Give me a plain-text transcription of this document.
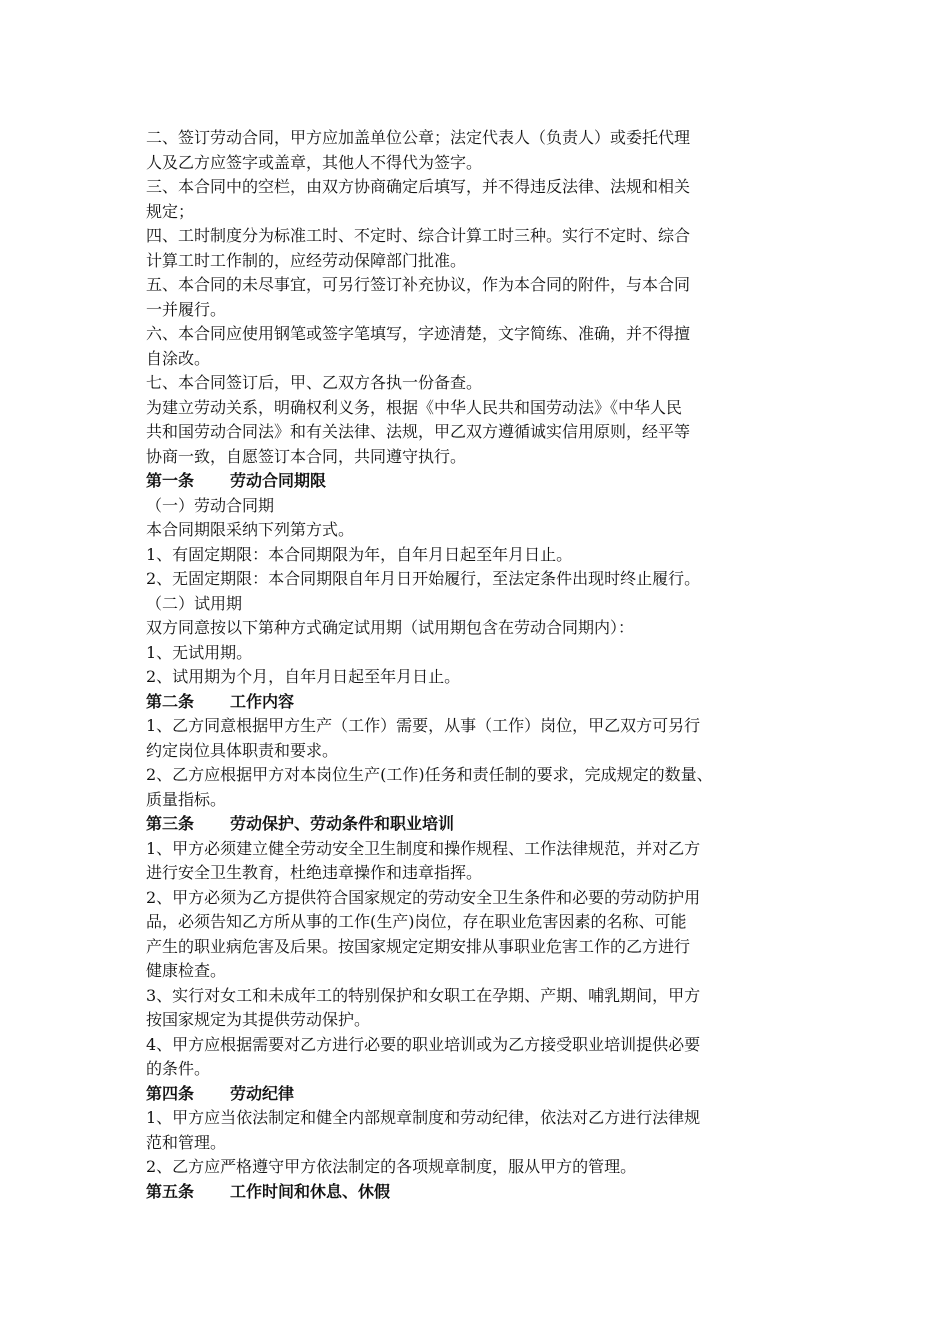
二、签订劳动合同，甲方应加盖单位公章；法定代表人（负责人）或委托代理
人及乙方应签字或盖章，其他人不得代为签字。
三、本合同中的空栏，由双方协商确定后填写，并不得违反法律、法规和相关
规定；
四、工时制度分为标准工时、不定时、综合计算工时三种。实行不定时、综合
计算工时工作制的，应经劳动保障部门批准。
五、本合同的未尽事宜，可另行签订补充协议，作为本合同的附件，与本合同
一并履行。
六、本合同应使用钢笔或签字笔填写，字迹清楚，文字简练、准确，并不得擅
自涂改。
七、本合同签订后，甲、乙双方各执一份备查。
为建立劳动关系，明确权利义务，根据《中华人民共和国劳动法》《中华人民
共和国劳动合同法》和有关法律、法规，甲乙双方遵循诚实信用原则，经平等
协商一致，自愿签订本合同，共同遵守执行。
第一条 劳动合同期限
（一）劳动合同期
本合同期限采纳下列第方式。
1、有固定期限：本合同期限为年，自年月日起至年月日止。
2、无固定期限：本合同期限自年月日开始履行，至法定条件出现时终止履行。
（二）试用期
双方同意按以下第种方式确定试用期（试用期包含在劳动合同期内）：
1、无试用期。
2、试用期为个月，自年月日起至年月日止。
第二条 工作内容
1、乙方同意根据甲方生产（工作）需要，从事（工作）岗位，甲乙双方可另行
约定岗位具体职责和要求。
2、乙方应根据甲方对本岗位生产(工作)任务和责任制的要求，完成规定的数量、
质量指标。
第三条 劳动保护、劳动条件和职业培训
1、甲方必须建立健全劳动安全卫生制度和操作规程、工作法律规范，并对乙方
进行安全卫生教育，杜绝违章操作和违章指挥。
2、甲方必须为乙方提供符合国家规定的劳动安全卫生条件和必要的劳动防护用
品，必须告知乙方所从事的工作(生产)岗位，存在职业危害因素的名称、可能
产生的职业病危害及后果。按国家规定定期安排从事职业危害工作的乙方进行
健康检查。
3、实行对女工和未成年工的特别保护和女职工在孕期、产期、哺乳期间，甲方
按国家规定为其提供劳动保护。
4、甲方应根据需要对乙方进行必要的职业培训或为乙方接受职业培训提供必要
的条件。
第四条 劳动纪律
1、甲方应当依法制定和健全内部规章制度和劳动纪律，依法对乙方进行法律规
范和管理。
2、乙方应严格遵守甲方依法制定的各项规章制度，服从甲方的管理。
第五条 工作时间和休息、休假
